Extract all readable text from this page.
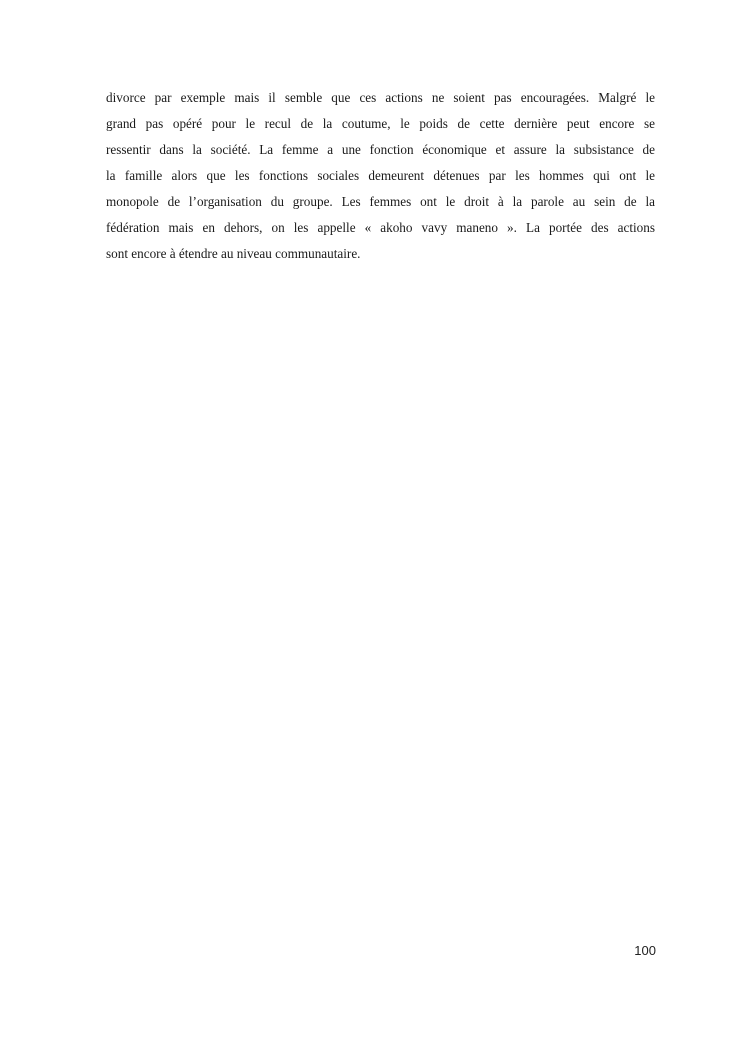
divorce par exemple mais il semble que ces actions ne soient pas encouragées. Malgré le
grand pas opéré pour le recul de la coutume, le poids de cette dernière peut encore se
ressentir dans la société. La femme a une fonction économique et assure la subsistance de
la famille alors que les fonctions sociales demeurent détenues par les hommes qui ont le
monopole de l’organisation du groupe. Les femmes ont le droit à la parole au sein de la
fédération mais en dehors, on les appelle « akoho vavy maneno ». La portée des actions
sont encore à étendre au niveau communautaire.
100
